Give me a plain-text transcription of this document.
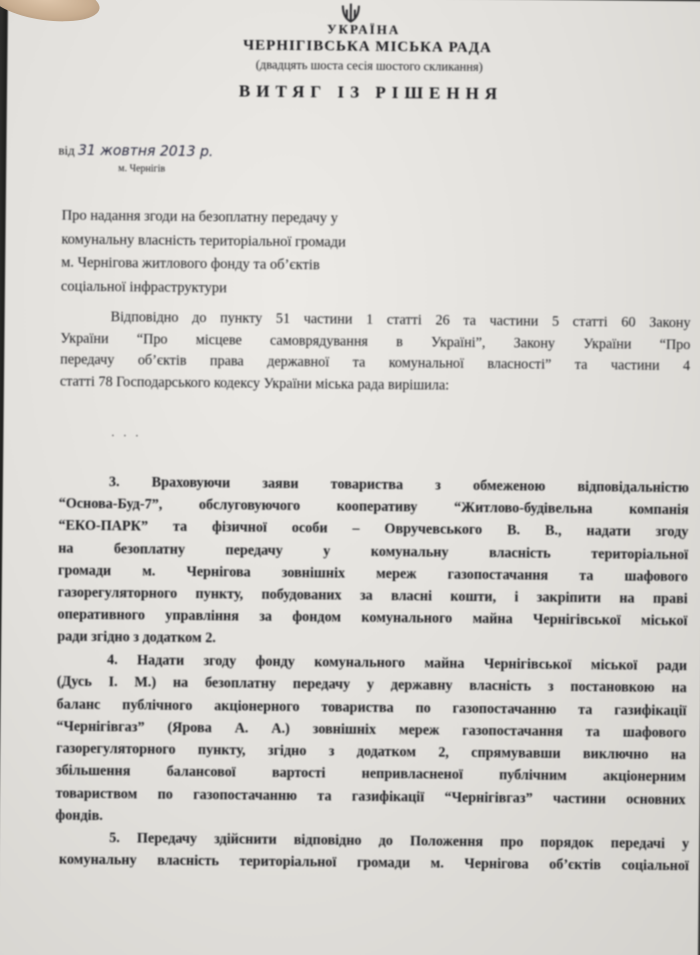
УКРАЇНА
ЧЕРНІГІВСЬКА МІСЬКА РАДА
(двадцять шоста сесія шостого скликання)
ВИТЯГ ІЗ РІШЕННЯ
від 31 жовтня 2013 р.
м. Чернігів
Про надання згоди на безоплатну передачу у
комунальну власність територіальної громади
м. Чернігова житлового фонду та об’єктів
соціальної інфраструктури
Відповідно до пункту 51 частини 1 статті 26 та частини 5 статті 60 Закону
України “Про місцеве самоврядування в Україні”, Закону України “Про
передачу об’єктів права державної та комунальної власності” та частини 4
статті 78 Господарського кодексу України міська рада вирішила:
. . .
3. Враховуючи заяви товариства з обмеженою відповідальністю
“Основа-Буд-7”, обслуговуючого кооперативу “Житлово-будівельна компанія
“ЕКО-ПАРК” та фізичної особи – Овручевського В. В., надати згоду
на безоплатну передачу у комунальну власність територіальної
громади м. Чернігова зовнішніх мереж газопостачання та шафового
газорегуляторного пункту, побудованих за власні кошти, і закріпити на праві
оперативного управління за фондом комунального майна Чернігівської міської
ради згідно з додатком 2.
4. Надати згоду фонду комунального майна Чернігівської міської ради
(Дусь І. М.) на безоплатну передачу у державну власність з постановкою на
баланс публічного акціонерного товариства по газопостачанню та газифікації
“Чернігівгаз” (Ярова А. А.) зовнішніх мереж газопостачання та шафового
газорегуляторного пункту, згідно з додатком 2, спрямувавши виключно на
збільшення балансової вартості непривласненої публічним акціонерним
товариством по газопостачанню та газифікації “Чернігівгаз” частини основних
фондів.
5. Передачу здійснити відповідно до Положення про порядок передачі у
комунальну власність територіальної громади м. Чернігова об’єктів соціальної
